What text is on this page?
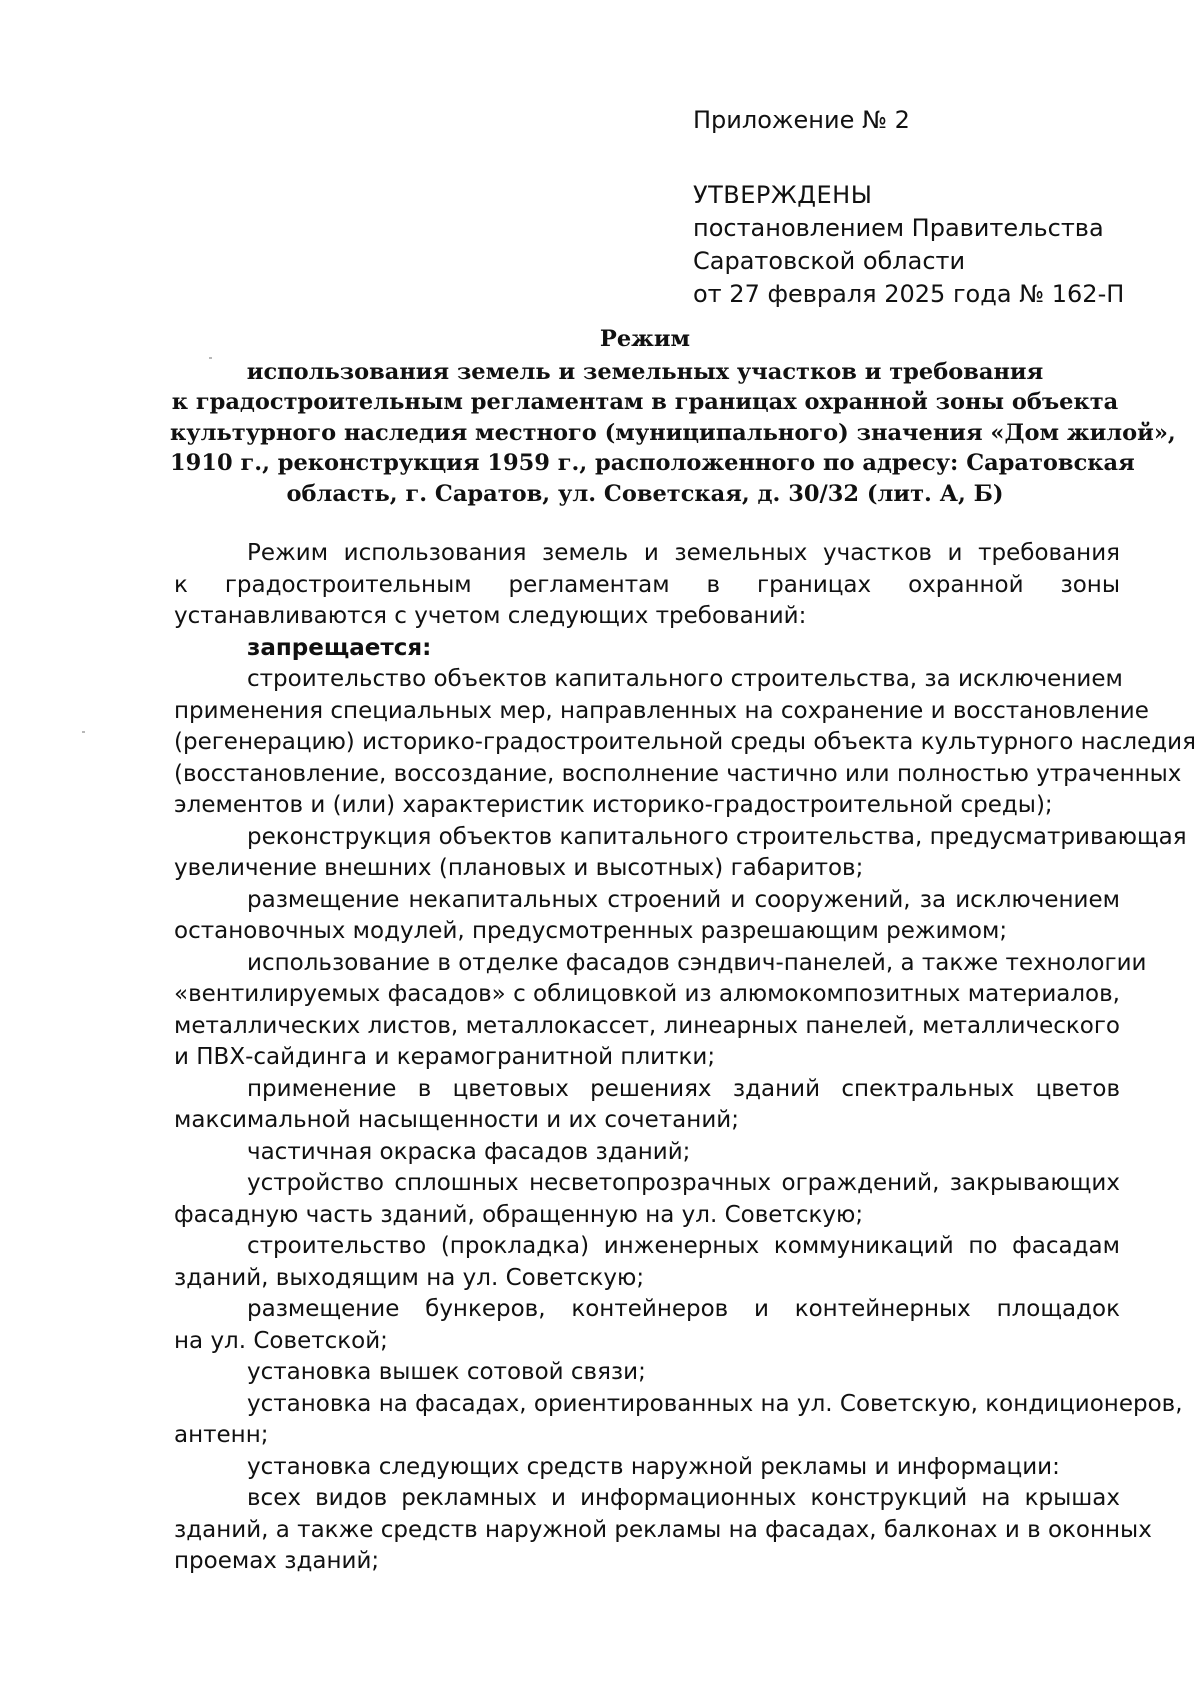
Приложение № 2
УТВЕРЖДЕНЫ
постановлением Правительства
Саратовской области
от 27 февраля 2025 года № 162-П
Режим
использования земель и земельных участков и требования
к градостроительным регламентам в границах охранной зоны объекта
культурного наследия местного (муниципального) значения «Дом жилой»,
1910 г., реконструкция 1959 г., расположенного по адресу: Саратовская
область, г. Саратов, ул. Советская, д. 30/32 (лит. А, Б)
Режим использования земель и земельных участков и требования
к градостроительным регламентам в границах охранной зоны
устанавливаются с учетом следующих требований:
запрещается:
строительство объектов капитального строительства, за исключением
применения специальных мер, направленных на сохранение и восстановление
(регенерацию) историко-градостроительной среды объекта культурного наследия
(восстановление, воссоздание, восполнение частично или полностью утраченных
элементов и (или) характеристик историко-градостроительной среды);
реконструкция объектов капитального строительства, предусматривающая
увеличение внешних (плановых и высотных) габаритов;
размещение некапитальных строений и сооружений, за исключением
остановочных модулей, предусмотренных разрешающим режимом;
использование в отделке фасадов сэндвич-панелей, а также технологии
«вентилируемых фасадов» с облицовкой из алюмокомпозитных материалов,
металлических листов, металлокассет, линеарных панелей, металлического
и ПВХ-сайдинга и керамогранитной плитки;
применение в цветовых решениях зданий спектральных цветов
максимальной насыщенности и их сочетаний;
частичная окраска фасадов зданий;
устройство сплошных несветопрозрачных ограждений, закрывающих
фасадную часть зданий, обращенную на ул. Советскую;
строительство (прокладка) инженерных коммуникаций по фасадам
зданий, выходящим на ул. Советскую;
размещение бункеров, контейнеров и контейнерных площадок
на ул. Советской;
установка вышек сотовой связи;
установка на фасадах, ориентированных на ул. Советскую, кондиционеров,
антенн;
установка следующих средств наружной рекламы и информации:
всех видов рекламных и информационных конструкций на крышах
зданий, а также средств наружной рекламы на фасадах, балконах и в оконных
проемах зданий;
